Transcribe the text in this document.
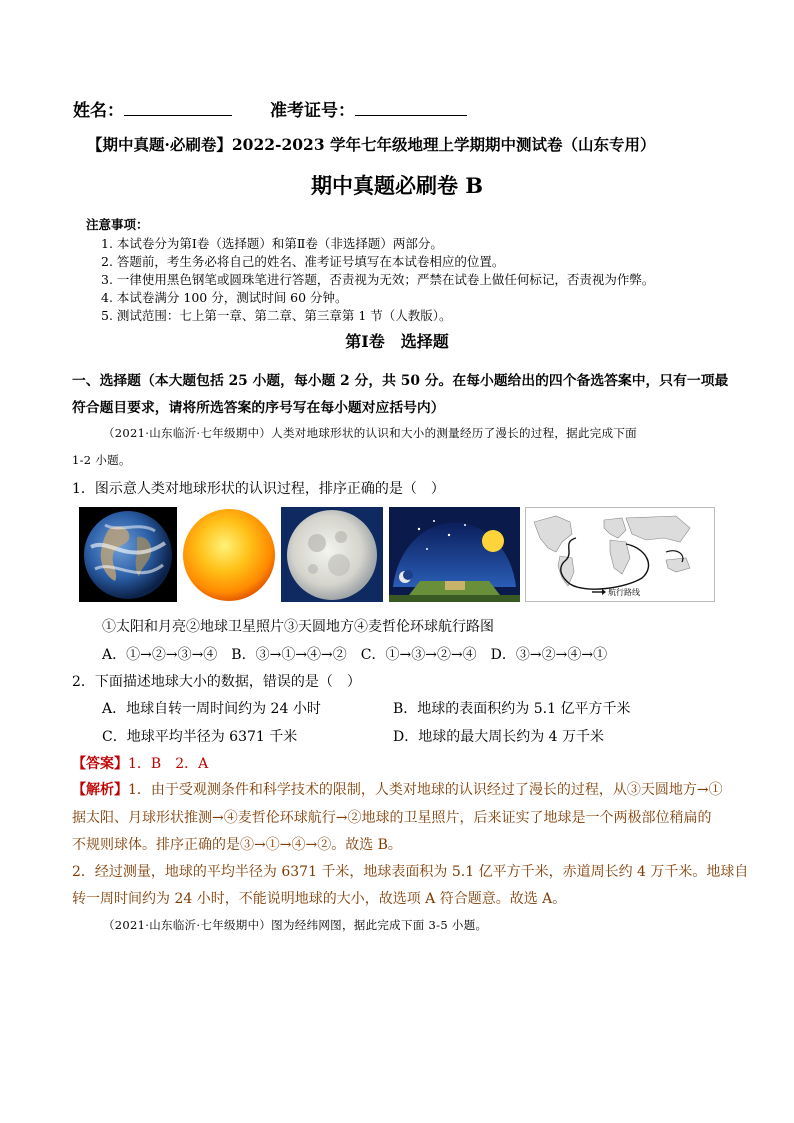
姓名：	准考证号：
【期中真题·必刷卷】2022-2023 学年七年级地理上学期期中测试卷（山东专用）
期中真题必刷卷 B
注意事项：
1. 本试卷分为第Ⅰ卷（选择题）和第Ⅱ卷（非选择题）两部分。
2. 答题前，考生务必将自己的姓名、准考证号填写在本试卷相应的位置。
3. 一律使用黑色钢笔或圆珠笔进行答题，否责视为无效；严禁在试卷上做任何标记，否责视为作弊。
4. 本试卷满分 100 分，测试时间 60 分钟。
5. 测试范围：七上第一章、第二章、第三章第 1 节（人教版）。
第Ⅰ卷　选择题
一、选择题（本大题包括 25 小题，每小题 2 分，共 50 分。在每小题给出的四个备选答案中，只有一项最
符合题目要求，请将所选答案的序号写在每小题对应括号内）
（2021·山东临沂·七年级期中）人类对地球形状的认识和大小的测量经历了漫长的过程，据此完成下面
1-2 小题。
1．图示意人类对地球形状的认识过程，排序正确的是（　）
航行路线
①太阳和月亮②地球卫星照片③天圆地方④麦哲伦环球航行路图
A．①→②→③→④　B．③→①→④→②　C．①→③→②→④　D．③→②→④→①
2．下面描述地球大小的数据，错误的是（　）
A．地球自转一周时间约为 24 小时	B．地球的表面积约为 5.1 亿平方千米
C．地球平均半径为 6371 千米	D．地球的最大周长约为 4 万千米
【答案】1．B　2．A
【解析】1．由于受观测条件和科学技术的限制，人类对地球的认识经过了漫长的过程，从③天圆地方→①
据太阳、月球形状推测→④麦哲伦环球航行→②地球的卫星照片，后来证实了地球是一个两极部位稍扁的
不规则球体。排序正确的是③→①→④→②。故选 B。
2．经过测量，地球的平均半径为 6371 千米，地球表面积为 5.1 亿平方千米，赤道周长约 4 万千米。地球自
转一周时间约为 24 小时，不能说明地球的大小，故选项 A 符合题意。故选 A。
（2021·山东临沂·七年级期中）图为经纬网图，据此完成下面 3-5 小题。
